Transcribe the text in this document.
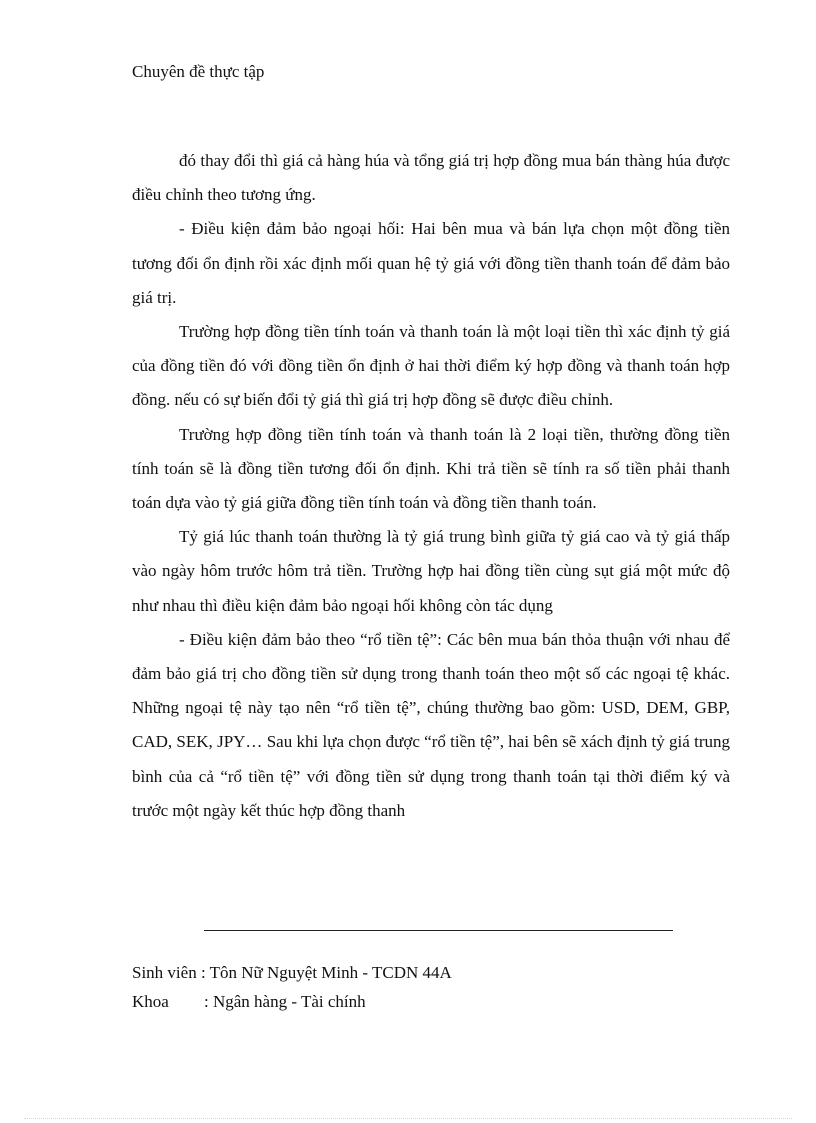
Chuyên đề thực tập

đó thay đổi thì giá cả hàng húa và tổng giá trị hợp đồng mua bán thàng húa được điều chỉnh theo tương ứng.

- Điều kiện đảm bảo ngoại hối: Hai bên mua và bán lựa chọn một đồng tiền tương đối ổn định rồi xác định mối quan hệ tỷ giá với đồng tiền thanh toán để đảm bảo giá trị.

Trường hợp đồng tiền tính toán và thanh toán là một loại tiền thì xác định tỷ giá của đồng tiền đó với đồng tiền ổn định ở hai thời điểm ký hợp đồng và thanh toán hợp đồng. nếu có sự biến đổi tỷ giá thì giá trị hợp đồng sẽ được điều chỉnh.

Trường hợp đồng tiền tính toán và thanh toán là 2 loại tiền, thường đồng tiền tính toán sẽ là đồng tiền tương đối ổn định. Khi trả tiền sẽ tính ra số tiền phải thanh toán dựa vào tỷ giá giữa đồng tiền tính toán và đồng tiền thanh toán.

Tỷ giá lúc thanh toán thường là tỷ giá trung bình giữa tỷ giá cao và tỷ giá thấp vào ngày hôm trước hôm trả tiền. Trường hợp hai đồng tiền cùng sụt giá một mức độ như nhau thì điều kiện đảm bảo ngoại hối không còn tác dụng

- Điều kiện đảm bảo theo “rổ tiền tệ”: Các bên mua bán thỏa thuận với nhau để đảm bảo giá trị cho đồng tiền sử dụng trong thanh toán theo một số các ngoại tệ khác. Những ngoại tệ này tạo nên “rổ tiền tệ”, chúng thường bao gồm: USD, DEM, GBP, CAD, SEK, JPY… Sau khi lựa chọn được “rổ tiền tệ”, hai bên sẽ xách định tỷ giá trung bình của cả “rổ tiền tệ” với đồng tiền sử dụng trong thanh toán tại thời điểm ký và trước một ngày kết thúc hợp đồng thanh

Sinh viên : Tôn Nữ Nguyệt Minh - TCDN 44A
Khoa : Ngân hàng - Tài chính
